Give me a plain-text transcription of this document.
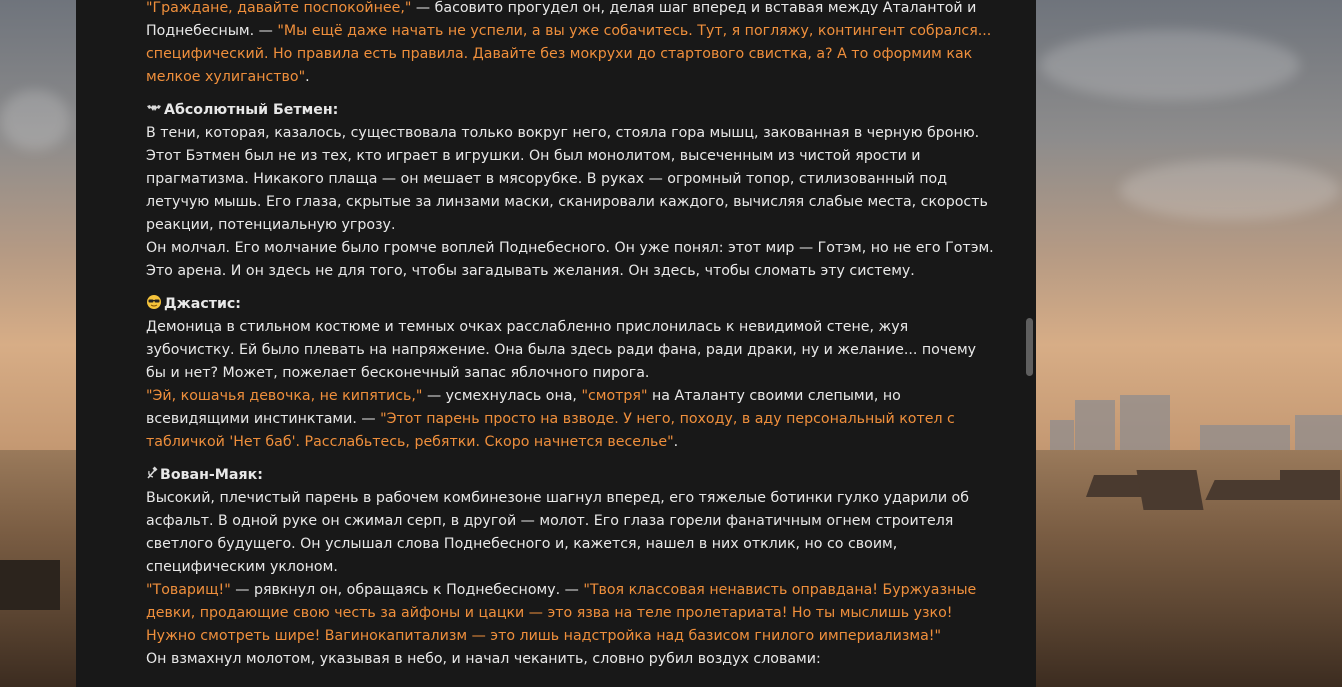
"Граждане, давайте поспокойнее," — басовито прогудел он, делая шаг вперед и вставая между Аталантой и Поднебесным. — "Мы ещё даже начать не успели, а вы уже собачитесь. Тут, я погляжу, контингент собрался... специфический. Но правила есть правила. Давайте без мокрухи до стартового свистка, а? А то оформим как мелкое хулиганство".

Абсолютный Бетмен:
В тени, которая, казалось, существовала только вокруг него, стояла гора мышц, закованная в черную броню. Этот Бэтмен был не из тех, кто играет в игрушки. Он был монолитом, высеченным из чистой ярости и прагматизма. Никакого плаща — он мешает в мясорубке. В руках — огромный топор, стилизованный под летучую мышь. Его глаза, скрытые за линзами маски, сканировали каждого, вычисляя слабые места, скорость реакции, потенциальную угрозу.
Он молчал. Его молчание было громче воплей Поднебесного. Он уже понял: этот мир — Готэм, но не его Готэм. Это арена. И он здесь не для того, чтобы загадывать желания. Он здесь, чтобы сломать эту систему.

Джастис:
Демоница в стильном костюме и темных очках расслабленно прислонилась к невидимой стене, жуя зубочистку. Ей было плевать на напряжение. Она была здесь ради фана, ради драки, ну и желание... почему бы и нет? Может, пожелает бесконечный запас яблочного пирога.
"Эй, кошачья девочка, не кипятись," — усмехнулась она, "смотря" на Аталанту своими слепыми, но всевидящими инстинктами. — "Этот парень просто на взводе. У него, походу, в аду персональный котел с табличкой 'Нет баб'. Расслабьтесь, ребятки. Скоро начнется веселье".

Вован-Маяк:
Высокий, плечистый парень в рабочем комбинезоне шагнул вперед, его тяжелые ботинки гулко ударили об асфальт. В одной руке он сжимал серп, в другой — молот. Его глаза горели фанатичным огнем строителя светлого будущего. Он услышал слова Поднебесного и, кажется, нашел в них отклик, но со своим, специфическим уклоном.
"Товарищ!" — рявкнул он, обращаясь к Поднебесному. — "Твоя классовая ненависть оправдана! Буржуазные девки, продающие свою честь за айфоны и цацки — это язва на теле пролетариата! Но ты мыслишь узко! Нужно смотреть шире! Вагинокапитализм — это лишь надстройка над базисом гнилого империализма!"
Он взмахнул молотом, указывая в небо, и начал чеканить, словно рубил воздух словами:
